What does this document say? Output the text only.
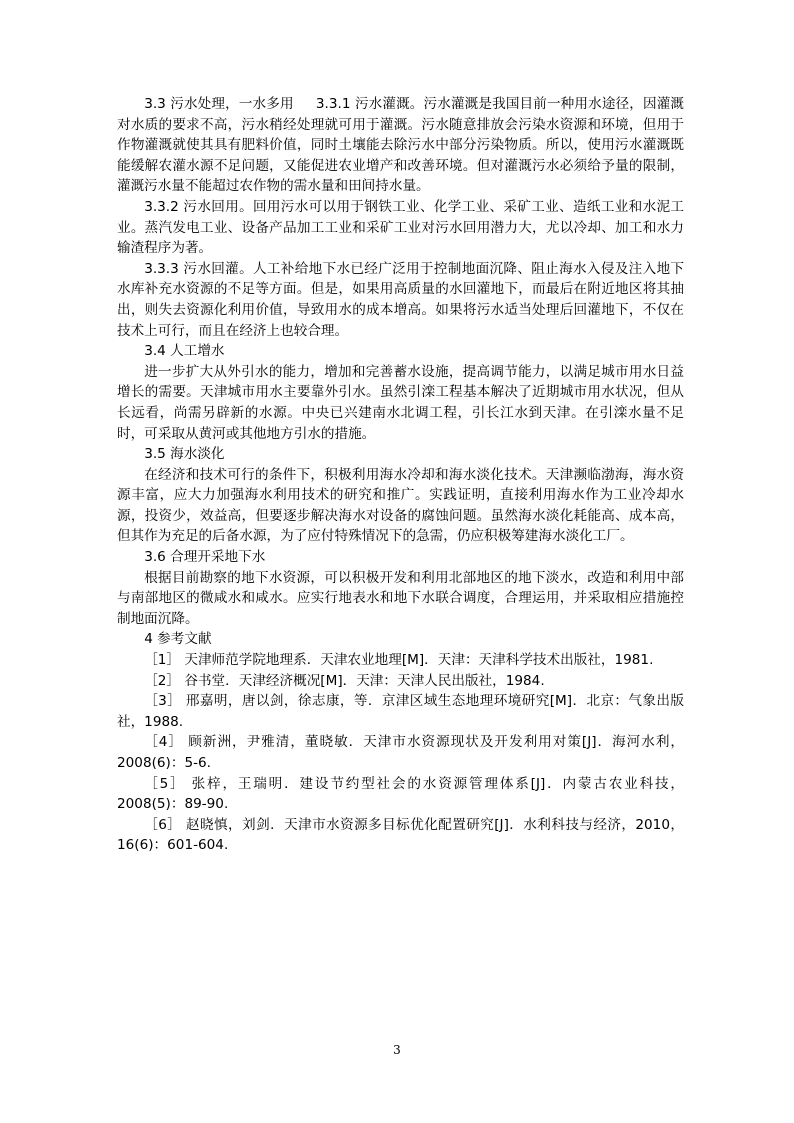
3.3 污水处理，一水多用     3.3.1 污水灌溉。污水灌溉是我国目前一种用水途径，因灌溉对水质的要求不高，污水稍经处理就可用于灌溉。污水随意排放会污染水资源和环境，但用于作物灌溉就使其具有肥料价值，同时土壤能去除污水中部分污染物质。所以，使用污水灌溉既能缓解农灌水源不足问题，又能促进农业增产和改善环境。但对灌溉污水必须给予量的限制，灌溉污水量不能超过农作物的需水量和田间持水量。

3.3.2 污水回用。回用污水可以用于钢铁工业、化学工业、采矿工业、造纸工业和水泥工业。蒸汽发电工业、设备产品加工工业和采矿工业对污水回用潜力大，尤以冷却、加工和水力输渣程序为著。

3.3.3 污水回灌。人工补给地下水已经广泛用于控制地面沉降、阻止海水入侵及注入地下水库补充水资源的不足等方面。但是，如果用高质量的水回灌地下，而最后在附近地区将其抽出，则失去资源化利用价值，导致用水的成本增高。如果将污水适当处理后回灌地下，不仅在技术上可行，而且在经济上也较合理。

3.4 人工增水

进一步扩大从外引水的能力，增加和完善蓄水设施，提高调节能力，以满足城市用水日益增长的需要。天津城市用水主要靠外引水。虽然引滦工程基本解决了近期城市用水状况，但从长远看，尚需另辟新的水源。中央已兴建南水北调工程，引长江水到天津。在引滦水量不足时，可采取从黄河或其他地方引水的措施。

3.5 海水淡化

在经济和技术可行的条件下，积极利用海水冷却和海水淡化技术。天津濒临渤海，海水资源丰富，应大力加强海水利用技术的研究和推广。实践证明，直接利用海水作为工业冷却水源，投资少，效益高，但要逐步解决海水对设备的腐蚀问题。虽然海水淡化耗能高、成本高，但其作为充足的后备水源，为了应付特殊情况下的急需，仍应积极筹建海水淡化工厂。

3.6 合理开采地下水

根据目前勘察的地下水资源，可以积极开发和利用北部地区的地下淡水，改造和利用中部与南部地区的微咸水和咸水。应实行地表水和地下水联合调度，合理运用，并采取相应措施控制地面沉降。

4 参考文献

［1］ 天津师范学院地理系．天津农业地理[M]．天津：天津科学技术出版社，1981.

［2］ 谷书堂．天津经济概况[M]．天津：天津人民出版社，1984.

［3］ 邢嘉明，唐以剑，徐志康，等．京津区域生态地理环境研究[M]．北京：气象出版社，1988.

［4］ 顾新洲，尹雅清，董晓敏．天津市水资源现状及开发利用对策[J]．海河水利，2008(6)：5-6.

［5］ 张梓，王瑞明．建设节约型社会的水资源管理体系[J]．内蒙古农业科技，2008(5)：89-90.

［6］ 赵晓慎，刘剑．天津市水资源多目标优化配置研究[J]．水利科技与经济，2010，16(6)：601-604.

3
